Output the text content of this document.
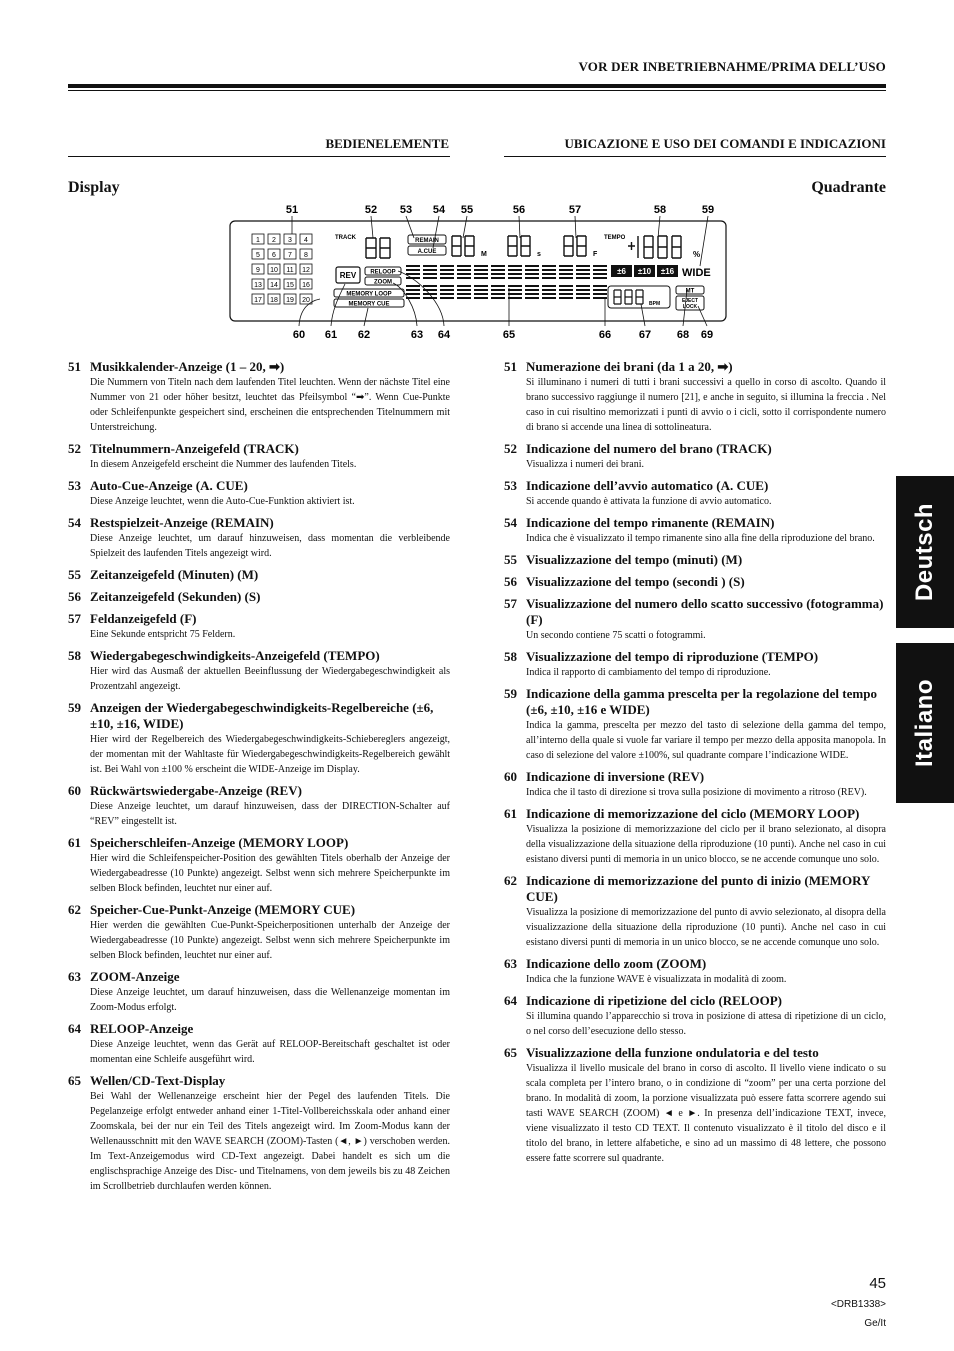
VOR DER INBETRIEBNAHME/PRIMA DELL’USO
BEDIENELEMENTE	UBICAZIONE E USO DEI COMANDI E INDICAZIONI
Display	Quadrante
Deutsch
Italiano
51	52 53 54 55	56	57	58	59
60 61 62	63 64	65	66	67 68 69
1 2 3 4
5 6 7 8
9 10 11 12
13 14 15 16
17 18 19 20
TRACK	REMAIN
A.CUE	M	s	F
TEMPO
%
±6 ±10 ±16 WIDE
REV RELOOP
ZOOM
MEMORY LOOP
MEMORY CUE	BPM
MT
EJECT
LOCK
51 Musikkalender-Anzeige (1 – 20, ➡)
Die Nummern von Titeln nach dem laufenden Titel leuchten. Wenn der nächste Titel eine Nummer von 21 oder höher besitzt, leuchtet das Pfeilsymbol “➡”. Wenn Cue-Punkte oder Schleifenpunkte gespeichert sind, erscheinen die entsprechenden Titelnummern mit Unterstreichung.
52 Titelnummern-Anzeigefeld (TRACK)
In diesem Anzeigefeld erscheint die Nummer des laufenden Titels.
53 Auto-Cue-Anzeige (A. CUE)
Diese Anzeige leuchtet, wenn die Auto-Cue-Funktion aktiviert ist.
54 Restspielzeit-Anzeige (REMAIN)
Diese Anzeige leuchtet, um darauf hinzuweisen, dass momentan die verbleibende Spielzeit des laufenden Titels angezeigt wird.
55 Zeitanzeigefeld (Minuten) (M)
56 Zeitanzeigefeld (Sekunden) (S)
57 Feldanzeigefeld (F)
Eine Sekunde entspricht 75 Feldern.
58 Wiedergabegeschwindigkeits-Anzeigefeld (TEMPO)
Hier wird das Ausmaß der aktuellen Beeinflussung der Wiedergabegeschwindigkeit als Prozentzahl angezeigt.
59 Anzeigen der Wiedergabegeschwindigkeits-Regelbereiche (±6, ±10, ±16, WIDE)
Hier wird der Regelbereich des Wiedergabegeschwindigkeits-Schiebereglers angezeigt, der momentan mit der Wahltaste für Wiedergabegeschwindigkeits-Regelbereich gewählt ist. Bei Wahl von ±100 % erscheint die WIDE-Anzeige im Display.
60 Rückwärtswiedergabe-Anzeige (REV)
Diese Anzeige leuchtet, um darauf hinzuweisen, dass der DIRECTION-Schalter auf “REV” eingestellt ist.
61 Speicherschleifen-Anzeige (MEMORY LOOP)
Hier wird die Schleifenspeicher-Position des gewählten Titels oberhalb der Anzeige der Wiedergabeadresse (10 Punkte) angezeigt. Selbst wenn sich mehrere Speicherpunkte im selben Block befinden, leuchtet nur einer auf.
62 Speicher-Cue-Punkt-Anzeige (MEMORY CUE)
Hier werden die gewählten Cue-Punkt-Speicherpositionen unterhalb der Anzeige der Wiedergabeadresse (10 Punkte) angezeigt. Selbst wenn sich mehrere Speicherpunkte im selben Block befinden, leuchtet nur einer auf.
63 ZOOM-Anzeige
Diese Anzeige leuchtet, um darauf hinzuweisen, dass die Wellenanzeige momentan im Zoom-Modus erfolgt.
64 RELOOP-Anzeige
Diese Anzeige leuchtet, wenn das Gerät auf RELOOP-Bereitschaft geschaltet ist oder momentan eine Schleife ausgeführt wird.
65 Wellen/CD-Text-Display
Bei Wahl der Wellenanzeige erscheint hier der Pegel des laufenden Titels. Die Pegelanzeige erfolgt entweder anhand einer 1-Titel-Vollbereichsskala oder anhand einer Zoomskala, bei der nur ein Teil des Titels angezeigt wird. Im Zoom-Modus kann der Wellenausschnitt mit den WAVE SEARCH (ZOOM)-Tasten (◄, ►) verschoben werden. Im Text-Anzeigemodus wird CD-Text angezeigt. Dabei handelt es sich um die englischsprachige Anzeige des Disc- und Titelnamens, von dem jeweils bis zu 48 Zeichen im Scrollbetrieb durchlaufen werden können.
51 Numerazione dei brani (da 1 a 20, ➡)
Si illuminano i numeri di tutti i brani successivi a quello in corso di ascolto. Quando il brano successivo raggiunge il numero [21], e anche in seguito, si illumina la freccia . Nel caso in cui risultino memorizzati i punti di avvio o i cicli, sotto il corrispondente numero di brano si accende una linea di sottolineatura.
52 Indicazione del numero del brano (TRACK)
Visualizza i numeri dei brani.
53 Indicazione dell’avvio automatico (A. CUE)
Si accende quando è attivata la funzione di avvio automatico.
54 Indicazione del tempo rimanente (REMAIN)
Indica che è visualizzato il tempo rimanente sino alla fine della riproduzione del brano.
55 Visualizzazione del tempo (minuti) (M)
56 Visualizzazione del tempo (secondi ) (S)
57 Visualizzazione del numero dello scatto successivo (fotogramma) (F)
Un secondo contiene 75 scatti o fotogrammi.
58 Visualizzazione del tempo di riproduzione (TEMPO)
Indica il rapporto di cambiamento del tempo di riproduzione.
59 Indicazione della gamma prescelta per la regolazione del tempo (±6, ±10, ±16 e WIDE)
Indica la gamma, prescelta per mezzo del tasto di selezione della gamma del tempo, all’interno della quale si vuole far variare il tempo per mezzo della apposita manopola. In caso di selezione del valore ±100%, sul quadrante compare l’indicazione WIDE.
60 Indicazione di inversione (REV)
Indica che il tasto di direzione si trova sulla posizione di movimento a ritroso (REV).
61 Indicazione di memorizzazione del ciclo (MEMORY LOOP)
Visualizza la posizione di memorizzazione del ciclo per il brano selezionato, al disopra della visualizzazione della situazione della riproduzione (10 punti). Anche nel caso in cui esistano diversi punti di memoria in un unico blocco, se ne accende comunque uno solo.
62 Indicazione di memorizzazione del punto di inizio (MEMORY CUE)
Visualizza la posizione di memorizzazione del punto di avvio selezionato, al disopra della visualizzazione della situazione della riproduzione (10 punti). Anche nel caso in cui esistano diversi punti di memoria in un unico blocco, se ne accende comunque uno solo.
63 Indicazione dello zoom (ZOOM)
Indica che la funzione WAVE è visualizzata in modalità di zoom.
64 Indicazione di ripetizione del ciclo (RELOOP)
Si illumina quando l’apparecchio si trova in posizione di attesa di ripetizione di un ciclo, o nel corso dell’esecuzione dello stesso.
65 Visualizzazione della funzione ondulatoria e del testo
Visualizza il livello musicale del brano in corso di ascolto. Il livello viene indicato o su scala completa per l’intero brano, o in condizione di “zoom” per una certa porzione del brano. In modalità di zoom, la porzione visualizzata può essere fatta scorrere agendo sui tasti WAVE SEARCH (ZOOM) ◄ e ►. In presenza dell’indicazione TEXT, invece, viene visualizzato il testo CD TEXT. Il contenuto visualizzato è il titolo del disco e il titolo del brano, in lettere alfabetiche, e sino ad un massimo di 48 lettere, che possono essere fatte scorrere sul quadrante.
45
<DRB1338>
Ge/It
